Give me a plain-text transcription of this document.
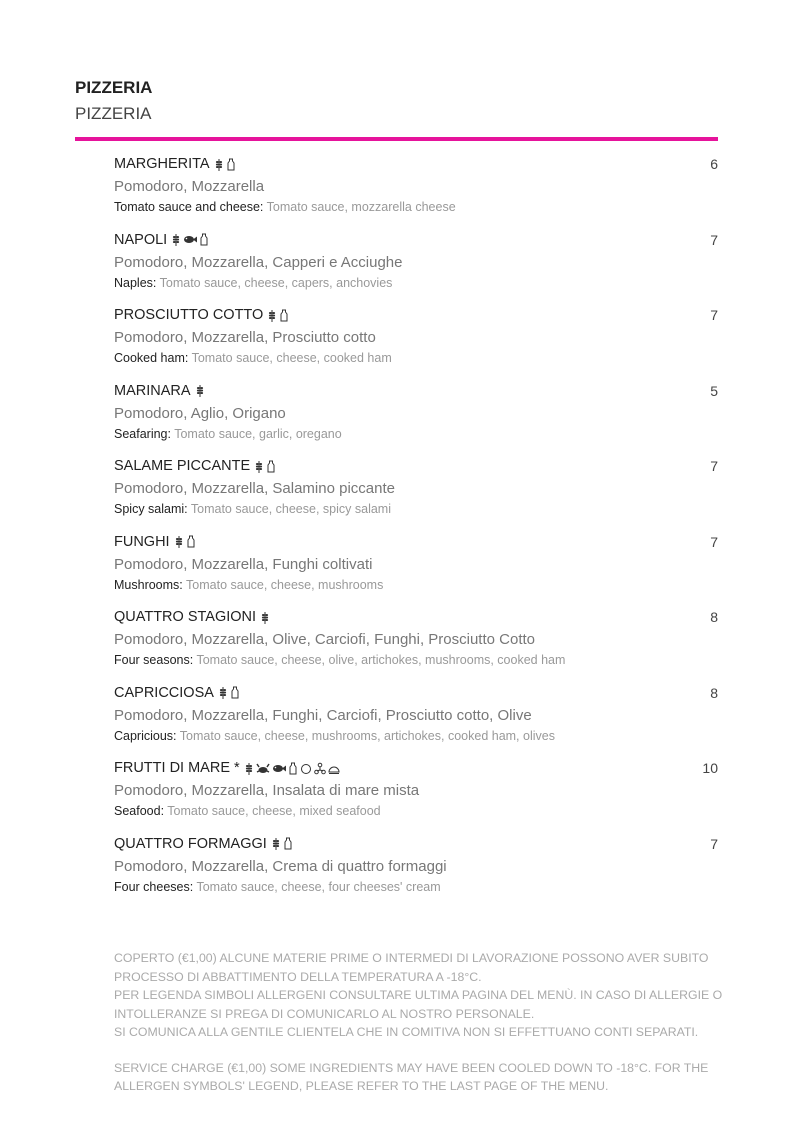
PIZZERIA
PIZZERIA
MARGHERITA
Pomodoro, Mozzarella
Tomato sauce and cheese: Tomato sauce, mozzarella cheese
6
NAPOLI
Pomodoro, Mozzarella, Capperi e Acciughe
Naples: Tomato sauce, cheese, capers, anchovies
7
PROSCIUTTO COTTO
Pomodoro, Mozzarella, Prosciutto cotto
Cooked ham: Tomato sauce, cheese, cooked ham
7
MARINARA
Pomodoro, Aglio, Origano
Seafaring: Tomato sauce, garlic, oregano
5
SALAME PICCANTE
Pomodoro, Mozzarella, Salamino piccante
Spicy salami: Tomato sauce, cheese, spicy salami
7
FUNGHI
Pomodoro, Mozzarella, Funghi coltivati
Mushrooms: Tomato sauce, cheese, mushrooms
7
QUATTRO STAGIONI
Pomodoro, Mozzarella, Olive, Carciofi, Funghi, Prosciutto Cotto
Four seasons: Tomato sauce, cheese, olive, artichokes, mushrooms, cooked ham
8
CAPRICCIOSA
Pomodoro, Mozzarella, Funghi, Carciofi, Prosciutto cotto, Olive
Capricious: Tomato sauce, cheese, mushrooms, artichokes, cooked ham, olives
8
FRUTTI DI MARE *
Pomodoro, Mozzarella, Insalata di mare mista
Seafood: Tomato sauce, cheese, mixed seafood
10
QUATTRO FORMAGGI
Pomodoro, Mozzarella, Crema di quattro formaggi
Four cheeses: Tomato sauce, cheese, four cheeses' cream
7

COPERTO (€1,00) ALCUNE MATERIE PRIME O INTERMEDI DI LAVORAZIONE POSSONO AVER SUBITO PROCESSO DI ABBATTIMENTO DELLA TEMPERATURA A -18°C.

PER LEGENDA SIMBOLI ALLERGENI CONSULTARE ULTIMA PAGINA DEL MENÙ. IN CASO DI ALLERGIE O INTOLLERANZE SI PREGA DI COMUNICARLO AL NOSTRO PERSONALE.

SI COMUNICA ALLA GENTILE CLIENTELA CHE IN COMITIVA NON SI EFFETTUANO CONTI SEPARATI.

SERVICE CHARGE (€1,00) SOME INGREDIENTS MAY HAVE BEEN COOLED DOWN TO -18°C. FOR THE ALLERGEN SYMBOLS' LEGEND, PLEASE REFER TO THE LAST PAGE OF THE MENU.
